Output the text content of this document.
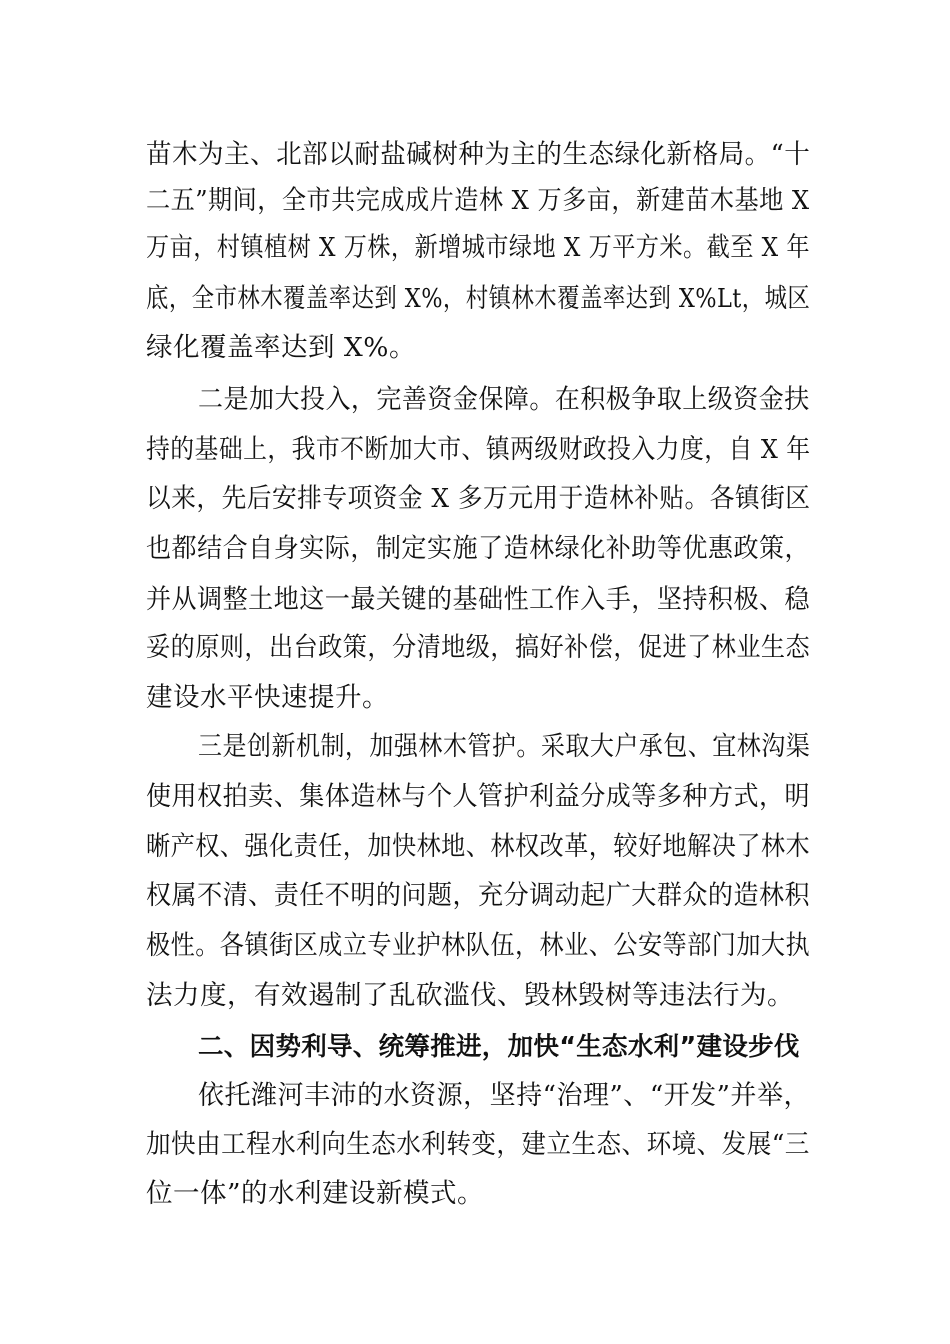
苗木为主、北部以耐盐碱树种为主的生态绿化新格局。“十
二五”期间，全市共完成成片造林 X 万多亩，新建苗木基地 X
万亩，村镇植树 X 万株，新增城市绿地 X 万平方米。截至 X 年
底，全市林木覆盖率达到 X%，村镇林木覆盖率达到 X%Lt，城区
绿化覆盖率达到 X%。
二是加大投入，完善资金保障。在积极争取上级资金扶
持的基础上，我市不断加大市、镇两级财政投入力度，自 X 年
以来，先后安排专项资金 X 多万元用于造林补贴。各镇街区
也都结合自身实际，制定实施了造林绿化补助等优惠政策，
并从调整土地这一最关键的基础性工作入手，坚持积极、稳
妥的原则，出台政策，分清地级，搞好补偿，促进了林业生态
建设水平快速提升。
三是创新机制，加强林木管护。采取大户承包、宜林沟渠
使用权拍卖、集体造林与个人管护利益分成等多种方式，明
晰产权、强化责任，加快林地、林权改革，较好地解决了林木
权属不清、责任不明的问题，充分调动起广大群众的造林积
极性。各镇街区成立专业护林队伍，林业、公安等部门加大执
法力度，有效遏制了乱砍滥伐、毁林毁树等违法行为。
二、因势利导、统筹推进，加快“生态水利”建设步伐
依托潍河丰沛的水资源，坚持“治理”、“开发”并举，
加快由工程水利向生态水利转变，建立生态、环境、发展“三
位一体”的水利建设新模式。
